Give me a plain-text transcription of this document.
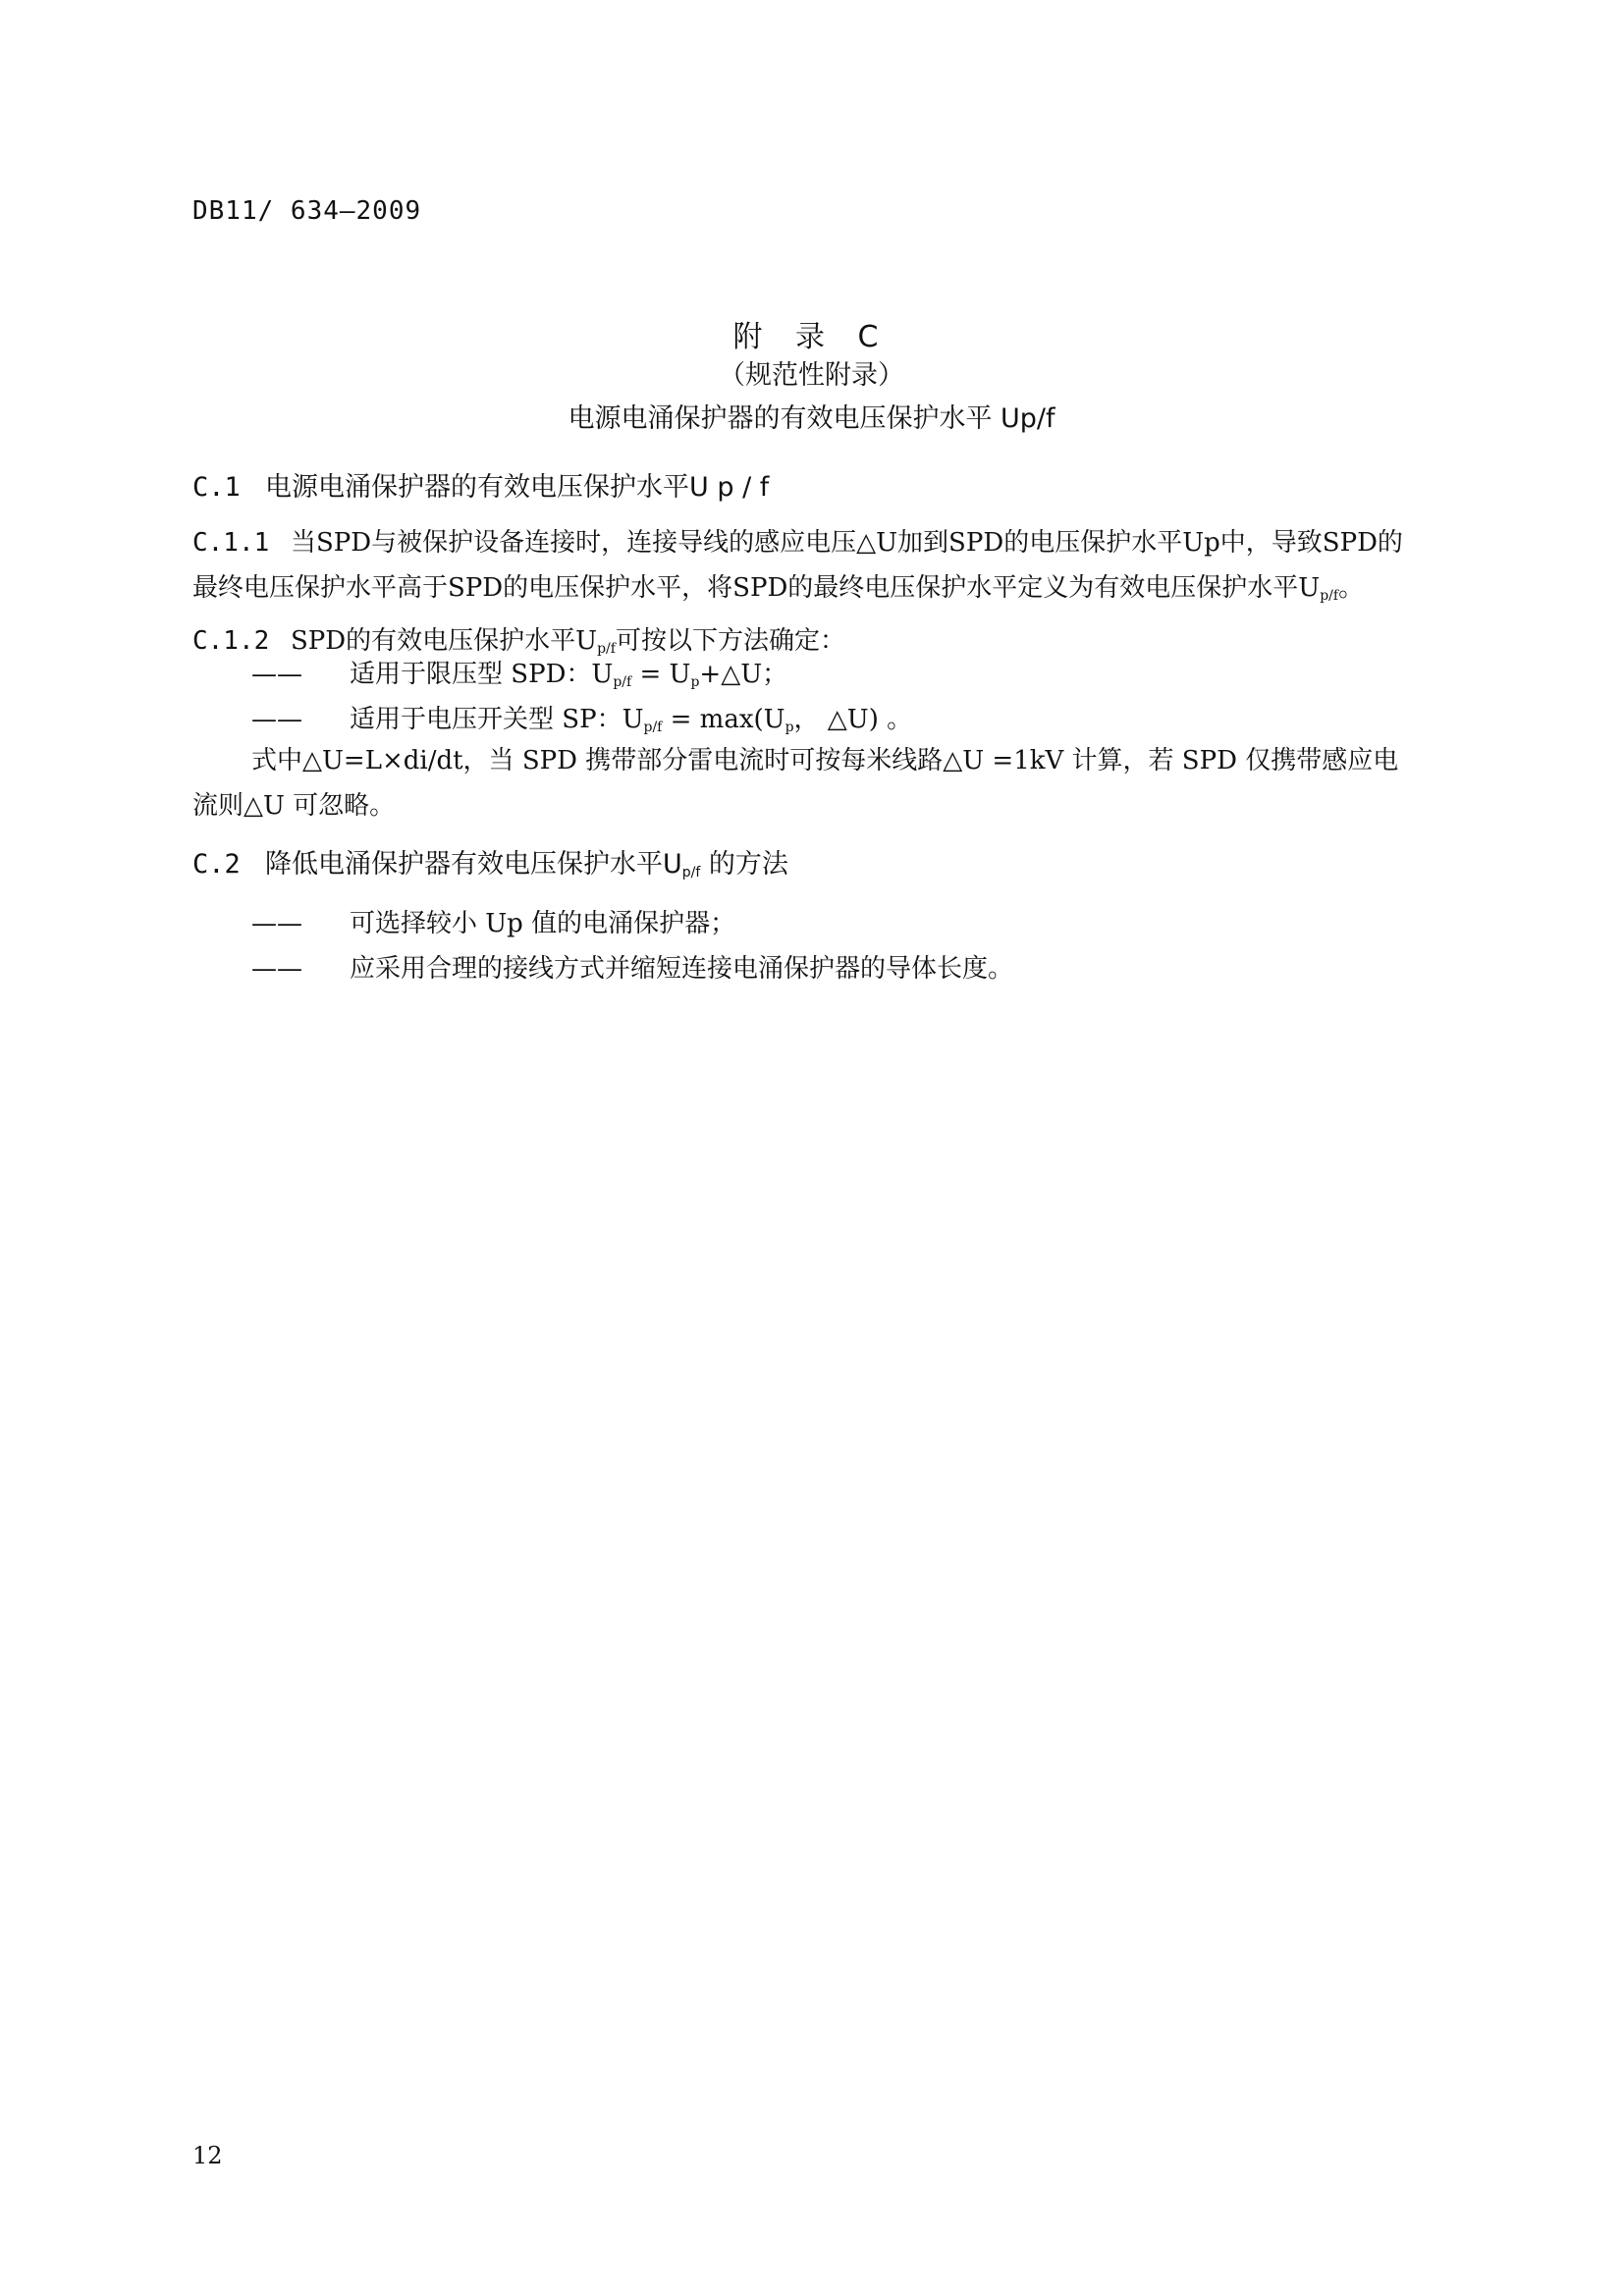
DB11/ 634—2009
附 录 C
（规范性附录）
电源电涌保护器的有效电压保护水平 Up/f
C.1 电源电涌保护器的有效电压保护水平U p / f
C.1.1 当SPD与被保护设备连接时，连接导线的感应电压△U加到SPD的电压保护水平Up中，导致SPD的
最终电压保护水平高于SPD的电压保护水平，将SPD的最终电压保护水平定义为有效电压保护水平$U_{p/f}$。
C.1.2 SPD的有效电压保护水平$U_{p/f}$可按以下方法确定：
—— 适用于限压型 SPD：$U_{p/f}$ = $U_p+\triangle U$；
—— 适用于电压开关型 SP：$U_{p/f} = \max(U_p$， △U) 。
式中△U=L×di/dt，当 SPD 携带部分雷电流时可按每米线路△U =1kV 计算，若 SPD 仅携带感应电
流则△U 可忽略。
C.2 降低电涌保护器有效电压保护水平$U_{p/f}$ 的方法
—— 可选择较小 Up 值的电涌保护器；
—— 应采用合理的接线方式并缩短连接电涌保护器的导体长度。
12
